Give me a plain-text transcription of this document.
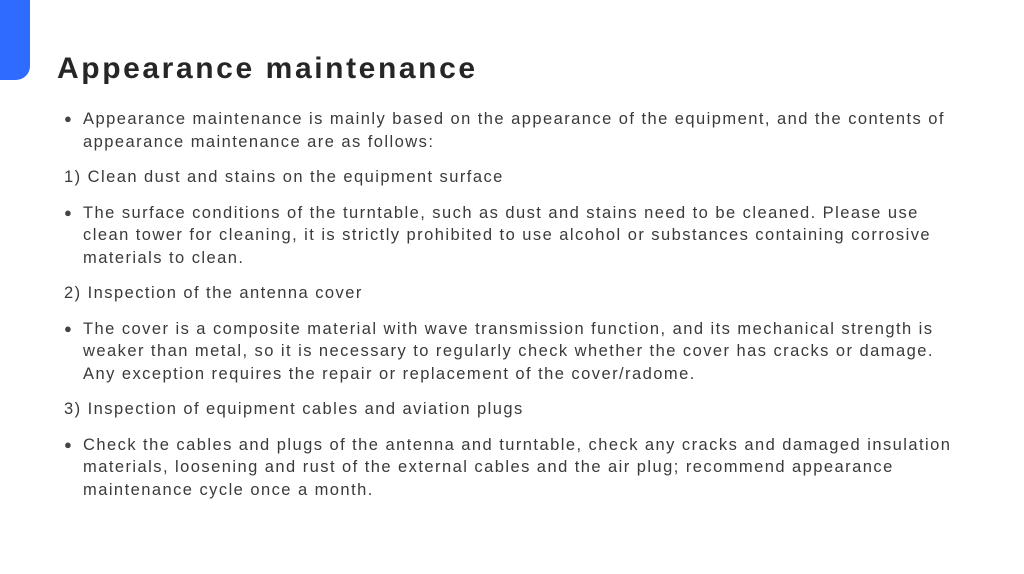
Appearance maintenance
● Appearance maintenance is mainly based on the appearance of the equipment, and the contents of appearance maintenance are as follows:
1) Clean dust and stains on the equipment surface
● The surface conditions of the turntable, such as dust and stains need to be cleaned. Please use clean tower for cleaning, it is strictly prohibited to use alcohol or substances containing corrosive materials to clean.
2) Inspection of the antenna cover
● The cover is a composite material with wave transmission function, and its mechanical strength is weaker than metal, so it is necessary to regularly check whether the cover has cracks or damage. Any exception requires the repair or replacement of the cover/radome.
3) Inspection of equipment cables and aviation plugs
● Check the cables and plugs of the antenna and turntable, check any cracks and damaged insulation materials, loosening and rust of the external cables and the air plug; recommend appearance maintenance cycle once a month.
